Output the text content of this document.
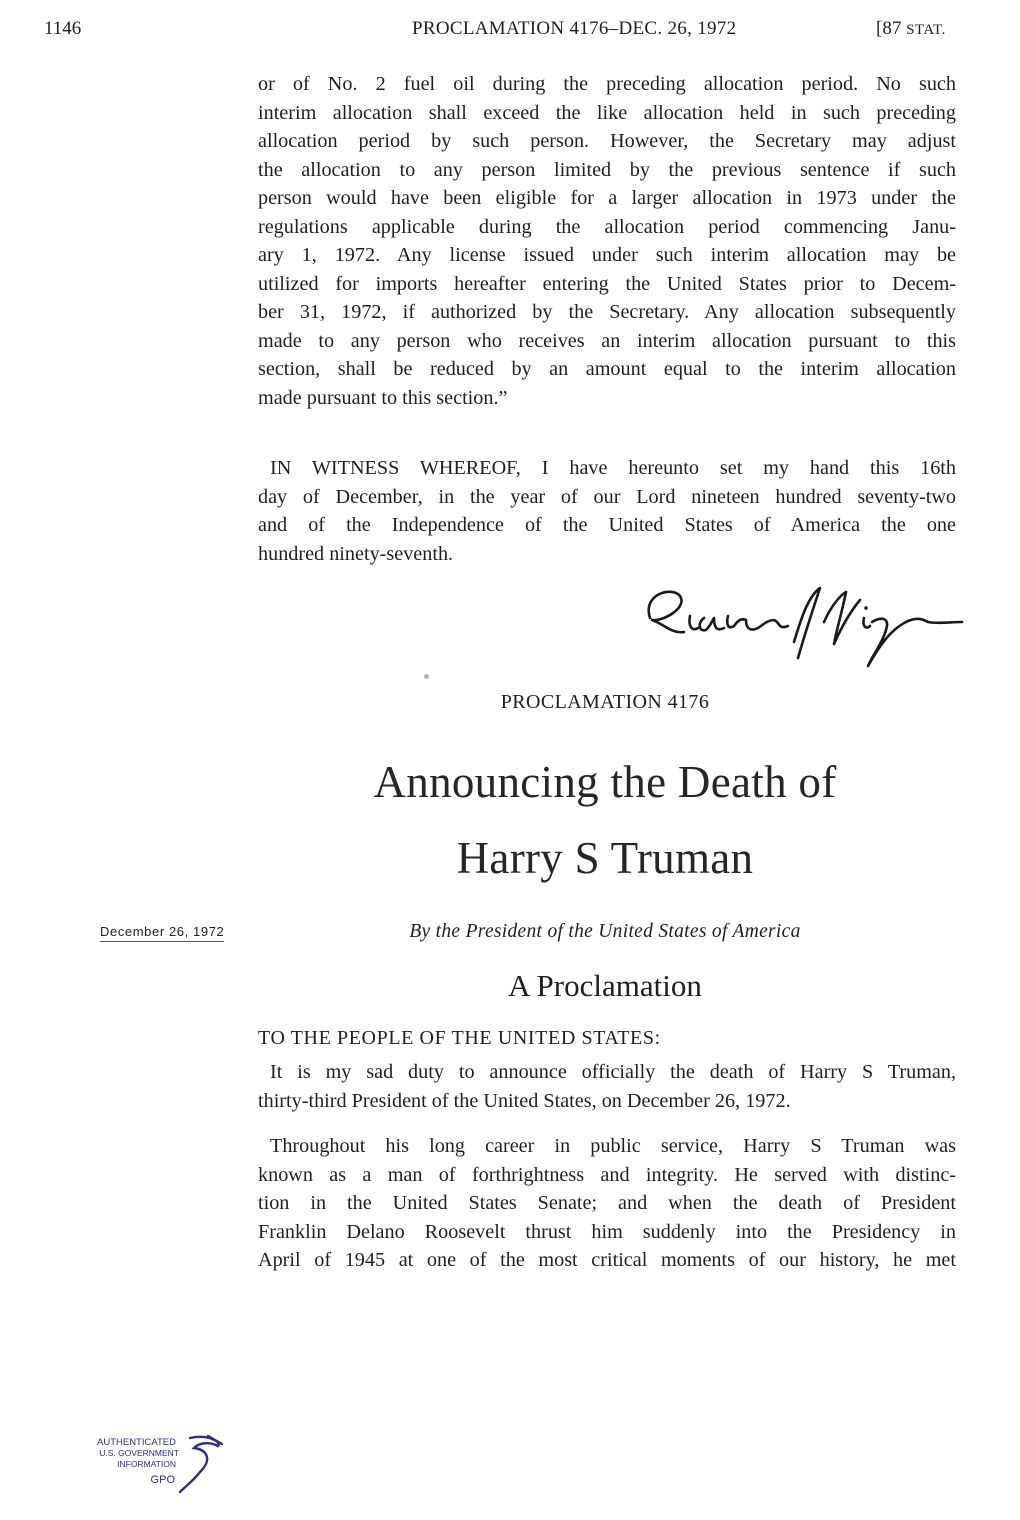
1146	PROCLAMATION 4176–DEC. 26, 1972	[87 STAT.
or of No. 2 fuel oil during the preceding allocation period. No such
interim allocation shall exceed the like allocation held in such preceding
allocation period by such person. However, the Secretary may adjust
the allocation to any person limited by the previous sentence if such
person would have been eligible for a larger allocation in 1973 under the
regulations applicable during the allocation period commencing Janu-
ary 1, 1972. Any license issued under such interim allocation may be
utilized for imports hereafter entering the United States prior to Decem-
ber 31, 1972, if authorized by the Secretary. Any allocation subsequently
made to any person who receives an interim allocation pursuant to this
section, shall be reduced by an amount equal to the interim allocation
made pursuant to this section.”
IN WITNESS WHEREOF, I have hereunto set my hand this 16th
day of December, in the year of our Lord nineteen hundred seventy-two
and of the Independence of the United States of America the one
hundred ninety-seventh.
PROCLAMATION 4176
Announcing the Death of
Harry S Truman
December 26, 1972	By the President of the United States of America
A Proclamation
TO THE PEOPLE OF THE UNITED STATES:
It is my sad duty to announce officially the death of Harry S Truman,
thirty-third President of the United States, on December 26, 1972.
Throughout his long career in public service, Harry S Truman was
known as a man of forthrightness and integrity. He served with distinc-
tion in the United States Senate; and when the death of President
Franklin Delano Roosevelt thrust him suddenly into the Presidency in
April of 1945 at one of the most critical moments of our history, he met
AUTHENTICATED
U.S. GOVERNMENT
INFORMATION
GPO
